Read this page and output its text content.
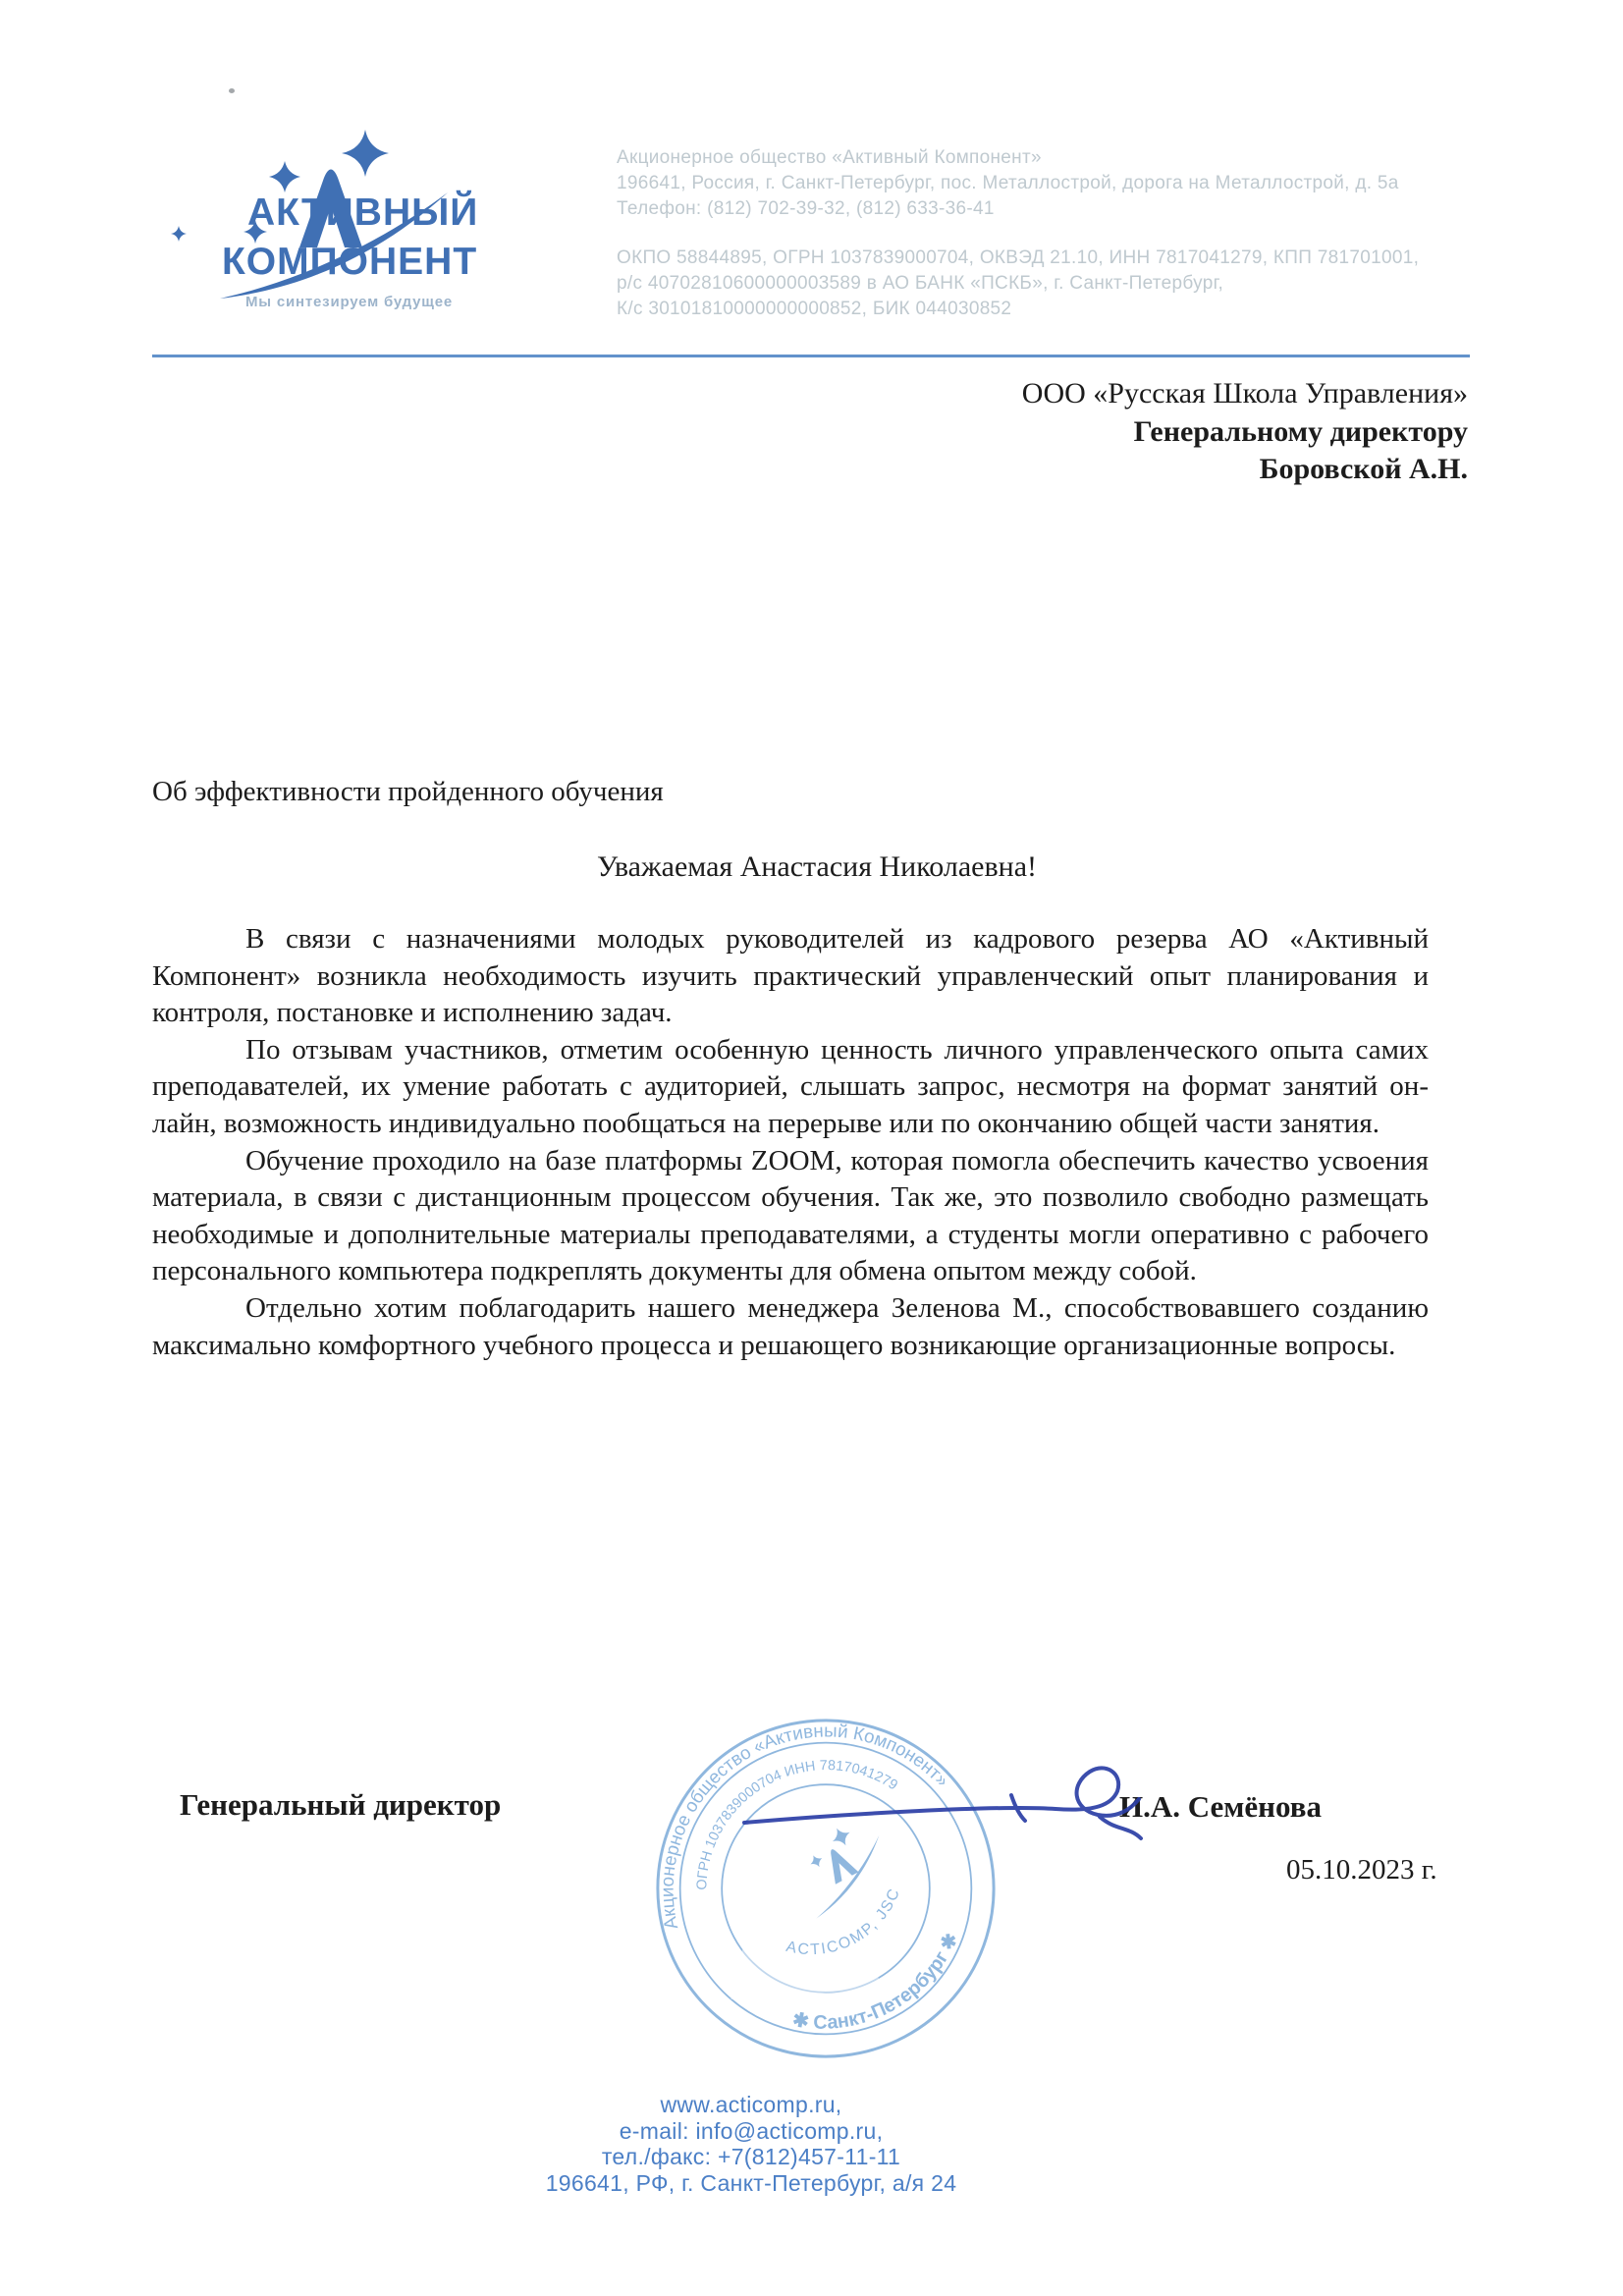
АКТИВНЫЙ
КОМПОНЕНТ
Мы синтезируем будущее
Акционерное общество «Активный Компонент»
196641, Россия, г. Санкт-Петербург, пос. Металлострой, дорога на Металлострой, д. 5а
Телефон: (812) 702-39-32, (812) 633-36-41
ОКПО 58844895, ОГРН 1037839000704, ОКВЭД 21.10, ИНН 7817041279, КПП 781701001,
р/с 40702810600000003589 в АО БАНК «ПСКБ», г. Санкт-Петербург,
К/с 30101810000000000852, БИК 044030852
ООО «Русская Школа Управления»
Генеральному директору
Боровской А.Н.
Об эффективности пройденного обучения
Уважаемая Анастасия Николаевна!

В связи с назначениями молодых руководителей из кадрового резерва АО «Активный Компонент» возникла необходимость изучить практический управленческий опыт планирования и контроля, постановке и исполнению задач.

По отзывам участников, отметим особенную ценность личного управленческого опыта самих преподавателей, их умение работать с аудиторией, слышать запрос, несмотря на формат занятий он-лайн, возможность индивидуально пообщаться на перерыве или по окончанию общей части занятия.

Обучение проходило на базе платформы ZOOM, которая помогла обеспечить качество усвоения материала, в связи с дистанционным процессом обучения. Так же, это позволило свободно размещать необходимые и дополнительные материалы преподавателями, а студенты могли оперативно с рабочего персонального компьютера подкреплять документы для обмена опытом между собой.

Отдельно хотим поблагодарить нашего менеджера Зеленова М., способствовавшего созданию максимально комфортного учебного процесса и решающего возникающие организационные вопросы.

Акционерное общество «Активный Компонент»
✱ Санкт-Петербург ✱
ОГРН 1037839000704 ИНН 7817041279
ACTICOMP, JSC
Генеральный директор	И.А. Семёнова
05.10.2023 г.
www.acticomp.ru,
e-mail: info@acticomp.ru,
тел./факс: +7(812)457-11-11
196641, РФ, г. Санкт-Петербург, а/я 24
